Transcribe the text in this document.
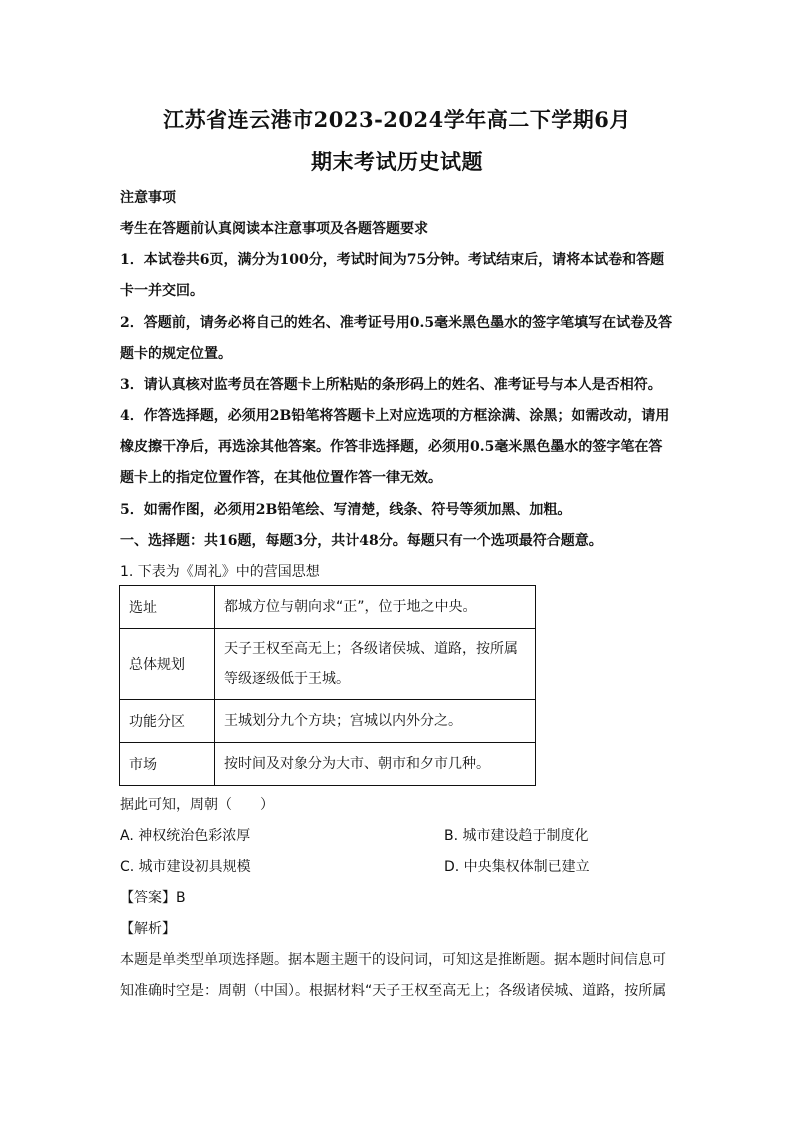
江苏省连云港市2023-2024学年高二下学期6月
期末考试历史试题
注意事项
考生在答题前认真阅读本注意事项及各题答题要求
1．本试卷共6页，满分为100分，考试时间为75分钟。考试结束后，请将本试卷和答题
卡一并交回。
2．答题前，请务必将自己的姓名、准考证号用0.5毫米黑色墨水的签字笔填写在试卷及答
题卡的规定位置。
3．请认真核对监考员在答题卡上所粘贴的条形码上的姓名、准考证号与本人是否相符。
4．作答选择题，必须用2B铅笔将答题卡上对应选项的方框涂满、涂黑；如需改动，请用
橡皮擦干净后，再选涂其他答案。作答非选择题，必须用0.5毫米黑色墨水的签字笔在答
题卡上的指定位置作答，在其他位置作答一律无效。
5．如需作图，必须用2B铅笔绘、写清楚，线条、符号等须加黑、加粗。
一、选择题：共16题，每题3分，共计48分。每题只有一个选项最符合题意。
1. 下表为《周礼》中的营国思想
选址	都城方位与朝向求“正”，位于地之中央。
总体规划	天子王权至高无上；各级诸侯城、道路，按所属
等级逐级低于王城。

功能分区	王城划分九个方块；宫城以内外分之。
市场	按时间及对象分为大市、朝市和夕市几种。
据此可知，周朝（　　）
A. 神权统治色彩浓厚	B. 城市建设趋于制度化
C. 城市建设初具规模	D. 中央集权体制已建立
【答案】B
【解析】
本题是单类型单项选择题。据本题主题干的设问词，可知这是推断题。据本题时间信息可
知准确时空是：周朝（中国）。根据材料“天子王权至高无上；各级诸侯城、道路，按所属
